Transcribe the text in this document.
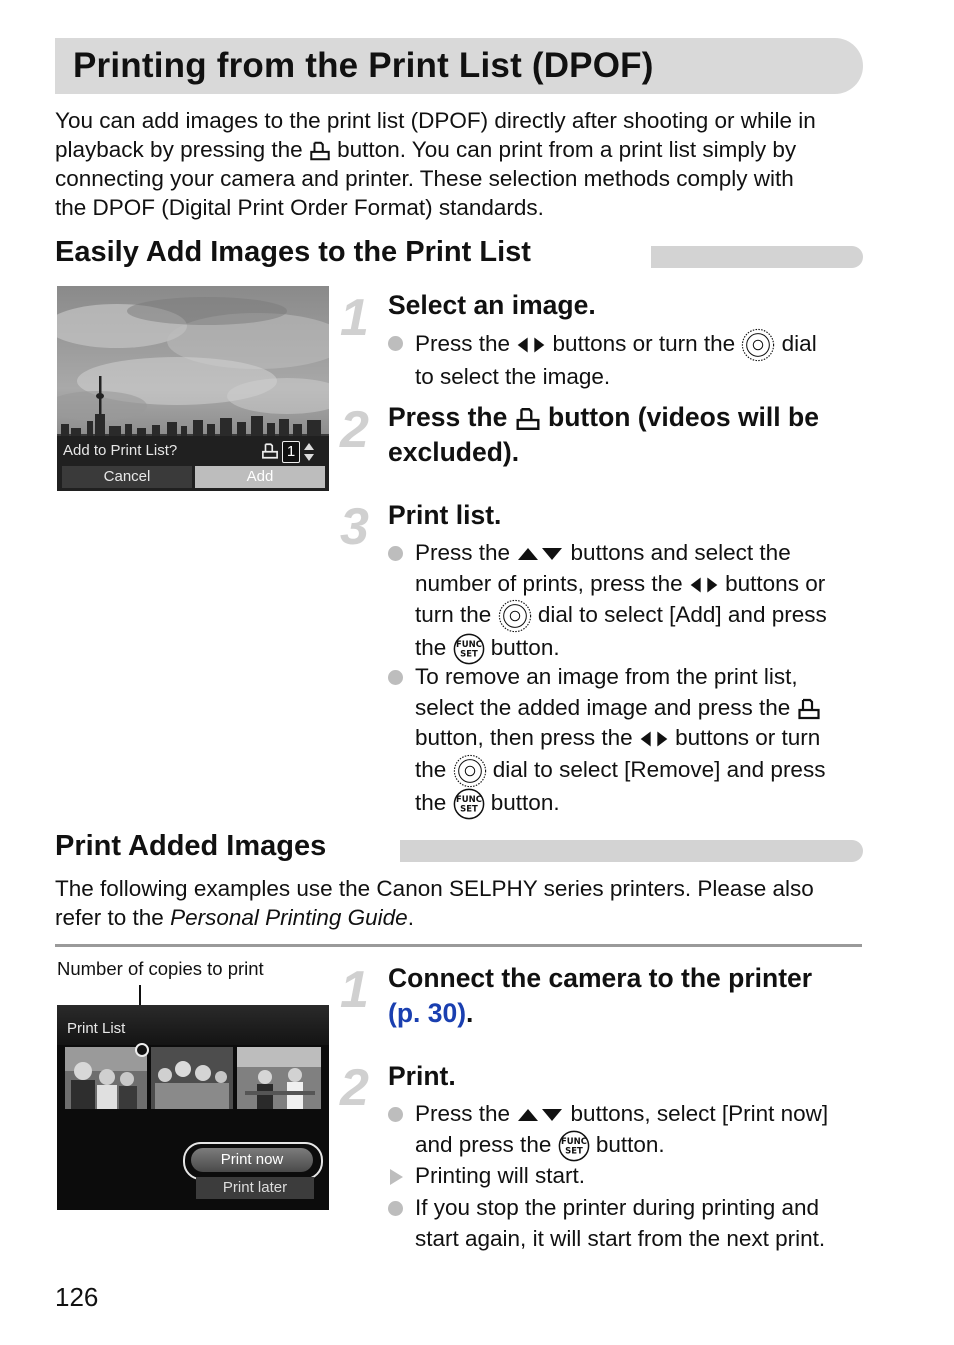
Printing from the Print List (DPOF)
You can add images to the print list (DPOF) directly after shooting or while in
playback by pressing the  button. You can print from a print list simply by
connecting your camera and printer. These selection methods comply with
the DPOF (Digital Print Order Format) standards.
Easily Add Images to the Print List
Add to Print List?	1
Cancel	Add
1 Select an image.
Press the  buttons or turn the  dial
to select the image.
2 Press the  button (videos will be
excluded).
3 Print list.
Press the  buttons and select the
number of prints, press the  buttons or
turn the  dial to select [Add] and press
the  button.
To remove an image from the print list,
select the added image and press the
button, then press the  buttons or turn
the  dial to select [Remove] and press
the  button.
Print Added Images
The following examples use the Canon SELPHY series printers. Please also
refer to the Personal Printing Guide.
Number of copies to print
Print List
Print now
Print later
1 Connect the camera to the printer
(p. 30).
2 Print.
Press the  buttons, select [Print now]
and press the  button.
Printing will start.
If you stop the printer during printing and
start again, it will start from the next print.
126
